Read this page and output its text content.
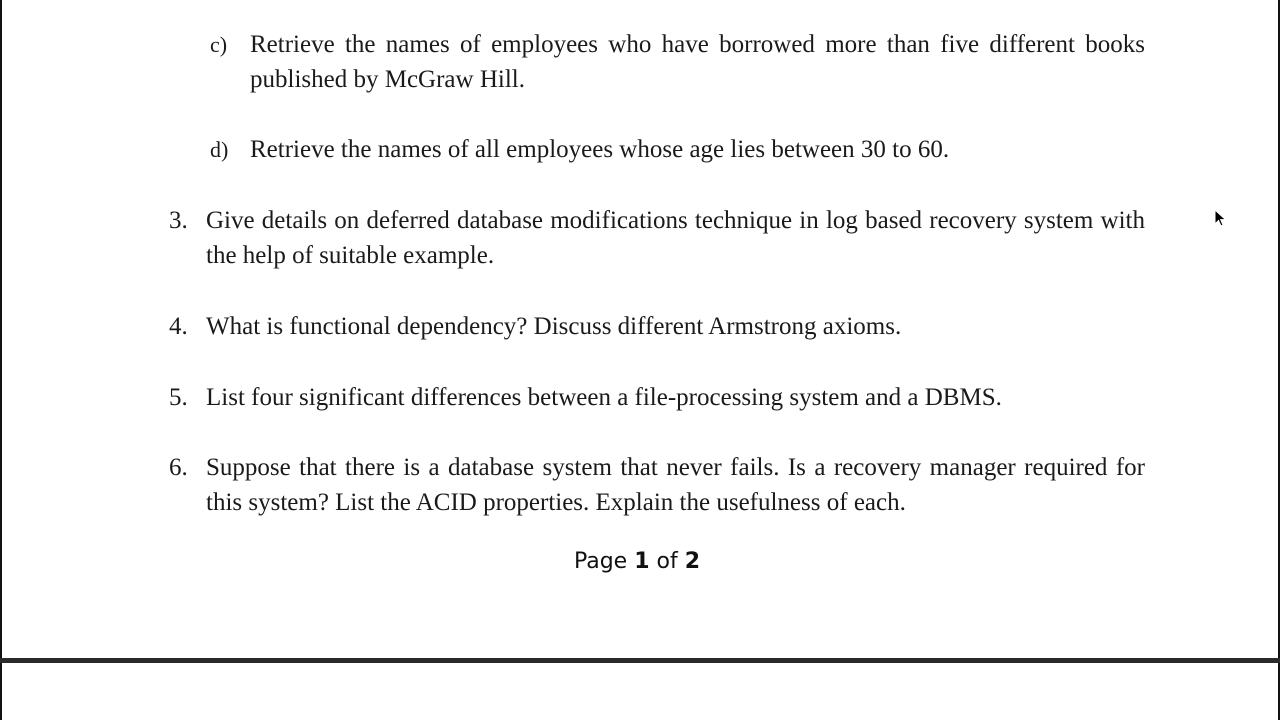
c) Retrieve the names of employees who have borrowed more than five different books published by McGraw Hill.
d) Retrieve the names of all employees whose age lies between 30 to 60.
3. Give details on deferred database modifications technique in log based recovery system with the help of suitable example.
4. What is functional dependency? Discuss different Armstrong axioms.
5. List four significant differences between a file-processing system and a DBMS.
6. Suppose that there is a database system that never fails. Is a recovery manager required for this system? List the ACID properties. Explain the usefulness of each.
Page 1 of 2
